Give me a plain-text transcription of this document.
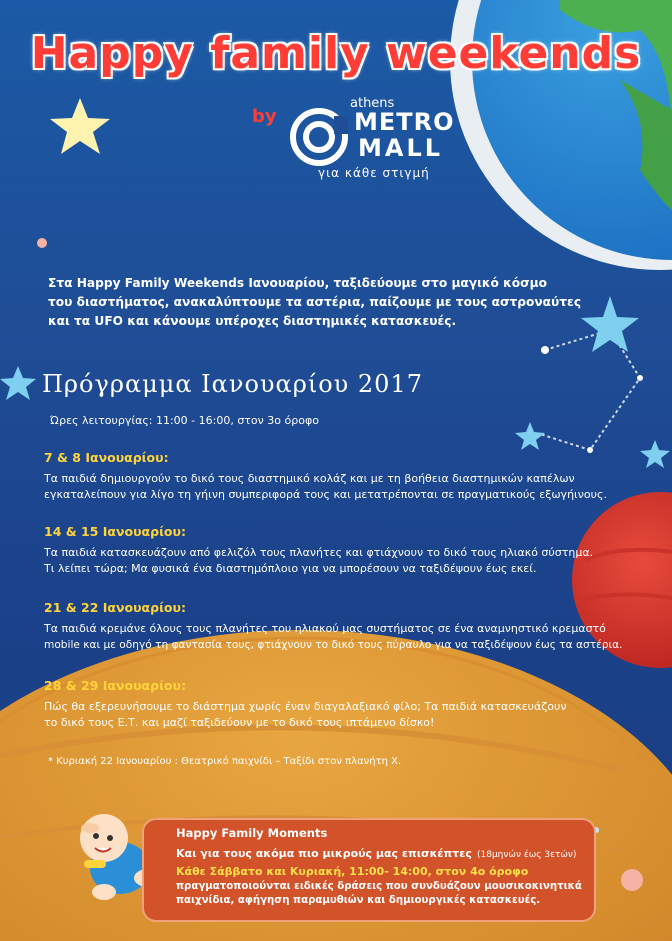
Happy family weekends
by
athens
METRO
MALL
για κάθε στιγμή
Στα Happy Family Weekends Ιανουαρίου, ταξιδεύουμε στο μαγικό κόσμο
του διαστήματος, ανακαλύπτουμε τα αστέρια, παίζουμε με τους αστροναύτες
και τα UFO και κάνουμε υπέροχες διαστημικές κατασκευές.
Πρόγραμμα Ιανουαρίου 2017
Ώρες λειτουργίας: 11:00 - 16:00, στον 3ο όροφο
7 & 8 Ιανουαρίου:
Τα παιδιά δημιουργούν το δικό τους διαστημικό κολάζ και με τη βοήθεια διαστημικών καπέλων
εγκαταλείπουν για λίγο τη γήινη συμπεριφορά τους και μετατρέπονται σε πραγματικούς εξωγήινους.
14 & 15 Ιανουαρίου:
Τα παιδιά κατασκευάζουν από φελιζόλ τους πλανήτες και φτιάχνουν το δικό τους ηλιακό σύστημα.
Τι λείπει τώρα; Μα φυσικά ένα διαστημόπλοιο για να μπορέσουν να ταξιδέψουν έως εκεί.
21 & 22 Ιανουαρίου:
Τα παιδιά κρεμάνε όλους τους πλανήτες του ηλιακού μας συστήματος σε ένα αναμνηστικό κρεμαστό
mobile και με οδηγό τη φαντασία τους, φτιάχνουν το δικό τους πύραυλο για να ταξιδέψουν έως τα αστέρια.
28 & 29 Ιανουαρίου:
Πώς θα εξερευνήσουμε το διάστημα χωρίς έναν διαγαλαξιακό φίλο; Τα παιδιά κατασκευάζουν
το δικό τους Ε.Τ. και μαζί ταξιδεύουν με το δικό τους ιπτάμενο δίσκο!
* Κυριακή 22 Ιανουαρίου : Θεατρικό παιχνίδι – Ταξίδι στον πλανήτη Χ.
Happy Family Moments
Και για τους ακόμα πιο μικρούς μας επισκέπτες (18μηνών έως 3ετών)
Κάθε Σάββατο και Κυριακή, 11:00- 14:00, στον 4ο όροφο
πραγματοποιούνται ειδικές δράσεις που συνδυάζουν μουσικοκινητικά
παιχνίδια, αφήγηση παραμυθιών και δημιουργικές κατασκευές.
